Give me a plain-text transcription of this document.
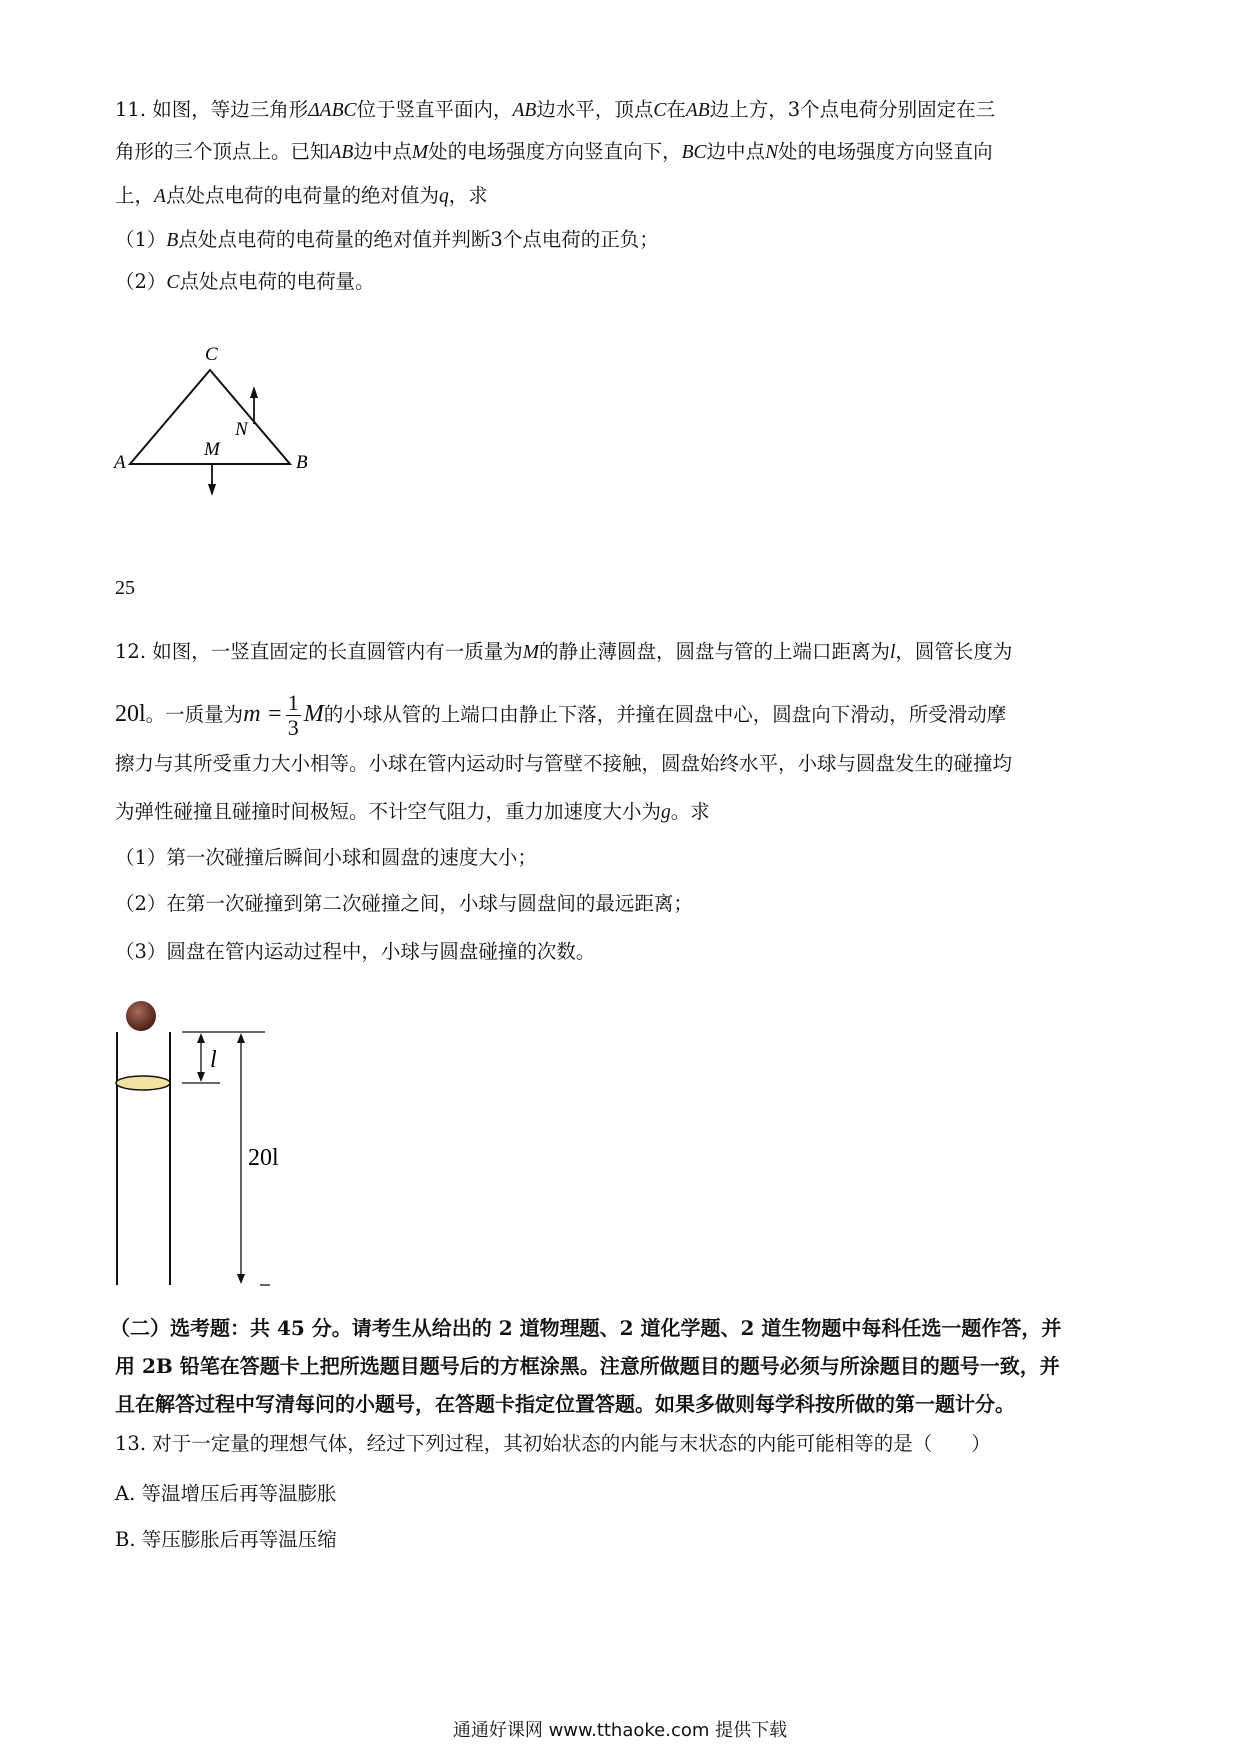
11. 如图，等边三角形ΔABC位于竖直平面内，AB边水平，顶点C在AB边上方，3个点电荷分别固定在三
角形的三个顶点上。已知AB边中点M处的电场强度方向竖直向下，BC边中点N处的电场强度方向竖直向
上，A点处点电荷的电荷量的绝对值为q，求
（1）B点处点电荷的电荷量的绝对值并判断3个点电荷的正负；
（2）C点处点电荷的电荷量。
C
N
A
M
B
25
12. 如图，一竖直固定的长直圆管内有一质量为M的静止薄圆盘，圆盘与管的上端口距离为l，圆管长度为
20l。一质量为$m = \frac{1}{3}$ M的小球从管的上端口由静止下落，并撞在圆盘中心，圆盘向下滑动，所受滑动摩
擦力与其所受重力大小相等。小球在管内运动时与管壁不接触，圆盘始终水平，小球与圆盘发生的碰撞均
为弹性碰撞且碰撞时间极短。不计空气阻力，重力加速度大小为g。求
（1）第一次碰撞后瞬间小球和圆盘的速度大小；
（2）在第一次碰撞到第二次碰撞之间，小球与圆盘间的最远距离；
（3）圆盘在管内运动过程中，小球与圆盘碰撞的次数。
l
20l
（二）选考题：共 45 分。请考生从给出的 2 道物理题、2 道化学题、2 道生物题中每科任选一题作答，并
用 2B 铅笔在答题卡上把所选题目题号后的方框涂黑。注意所做题目的题号必须与所涂题目的题号一致，并
且在解答过程中写清每问的小题号，在答题卡指定位置答题。如果多做则每学科按所做的第一题计分。
13. 对于一定量的理想气体，经过下列过程，其初始状态的内能与末状态的内能可能相等的是（　　）
A. 等温增压后再等温膨胀
B. 等压膨胀后再等温压缩
通通好课网 www.tthaoke.com 提供下载
